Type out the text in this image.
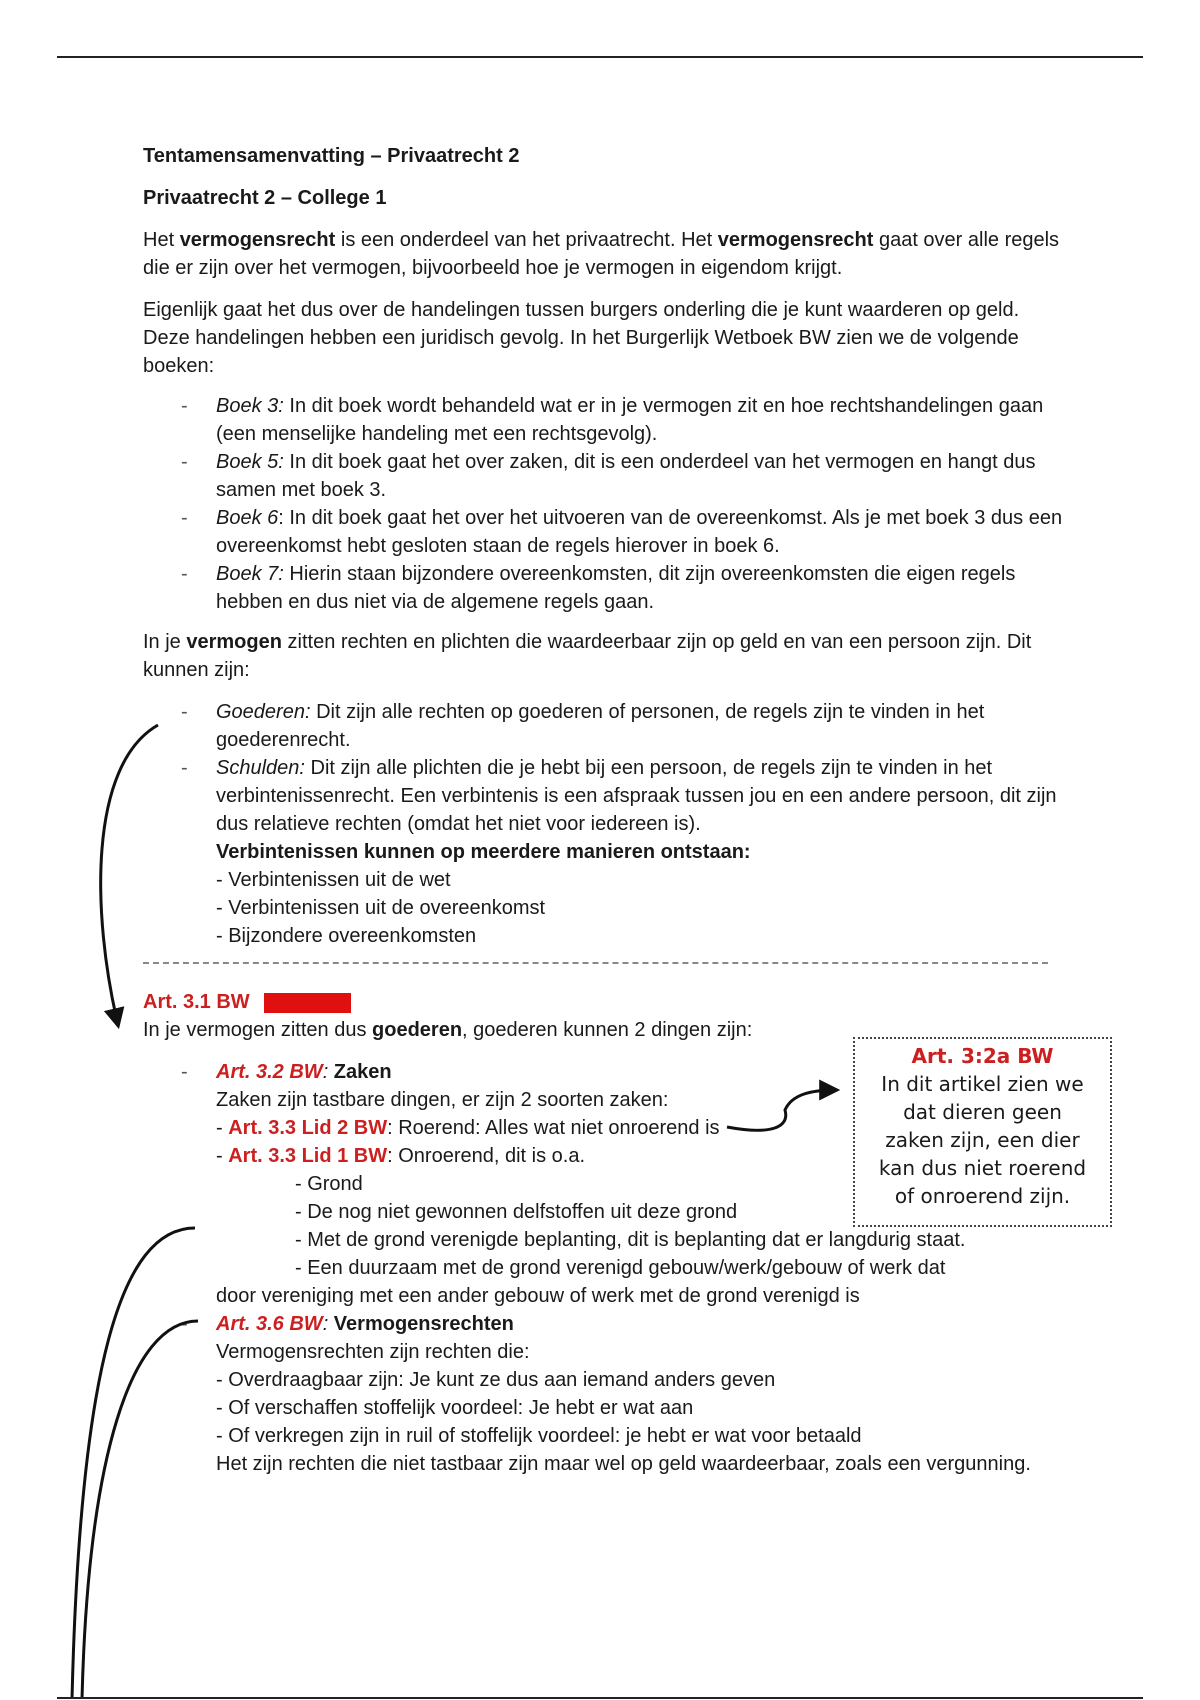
Tentamensamenvatting – Privaatrecht 2

Privaatrecht 2 – College 1

Het vermogensrecht is een onderdeel van het privaatrecht. Het vermogensrecht gaat over alle regels die er zijn over het vermogen, bijvoorbeeld hoe je vermogen in eigendom krijgt.

Eigenlijk gaat het dus over de handelingen tussen burgers onderling die je kunt waarderen op geld. Deze handelingen hebben een juridisch gevolg. In het Burgerlijk Wetboek BW zien we de volgende boeken:

- Boek 3: In dit boek wordt behandeld wat er in je vermogen zit en hoe rechtshandelingen gaan (een menselijke handeling met een rechtsgevolg).
- Boek 5: In dit boek gaat het over zaken, dit is een onderdeel van het vermogen en hangt dus samen met boek 3.
- Boek 6: In dit boek gaat het over het uitvoeren van de overeenkomst. Als je met boek 3 dus een overeenkomst hebt gesloten staan de regels hierover in boek 6.
- Boek 7: Hierin staan bijzondere overeenkomsten, dit zijn overeenkomsten die eigen regels hebben en dus niet via de algemene regels gaan.

In je vermogen zitten rechten en plichten die waardeerbaar zijn op geld en van een persoon zijn. Dit kunnen zijn:

- Goederen: Dit zijn alle rechten op goederen of personen, de regels zijn te vinden in het goederenrecht.
- Schulden: Dit zijn alle plichten die je hebt bij een persoon, de regels zijn te vinden in het verbintenissenrecht. Een verbintenis is een afspraak tussen jou en een andere persoon, dit zijn dus relatieve rechten (omdat het niet voor iedereen is).
Verbintenissen kunnen op meerdere manieren ontstaan:
- Verbintenissen uit de wet
- Verbintenissen uit de overeenkomst
- Bijzondere overeenkomsten

Art. 3.1 BW

In je vermogen zitten dus goederen, goederen kunnen 2 dingen zijn:

- Art. 3.2 BW: Zaken
Zaken zijn tastbare dingen, er zijn 2 soorten zaken:
- Art. 3.3 Lid 2 BW: Roerend: Alles wat niet onroerend is
- Art. 3.3 Lid 1 BW: Onroerend, dit is o.a.
- Grond
- De nog niet gewonnen delfstoffen uit deze grond
- Met de grond verenigde beplanting, dit is beplanting dat er langdurig staat.
- Een duurzaam met de grond verenigd gebouw/werk/gebouw of werk dat
door vereniging met een ander gebouw of werk met de grond verenigd is
- Art. 3.6 BW: Vermogensrechten
Vermogensrechten zijn rechten die:
- Overdraagbaar zijn: Je kunt ze dus aan iemand anders geven
- Of verschaffen stoffelijk voordeel: Je hebt er wat aan
- Of verkregen zijn in ruil of stoffelijk voordeel: je hebt er wat voor betaald
Het zijn rechten die niet tastbaar zijn maar wel op geld waardeerbaar, zoals een vergunning.
Art. 3:2a BW
In dit artikel zien we
dat dieren geen
zaken zijn, een dier
kan dus niet roerend
of onroerend zijn.
